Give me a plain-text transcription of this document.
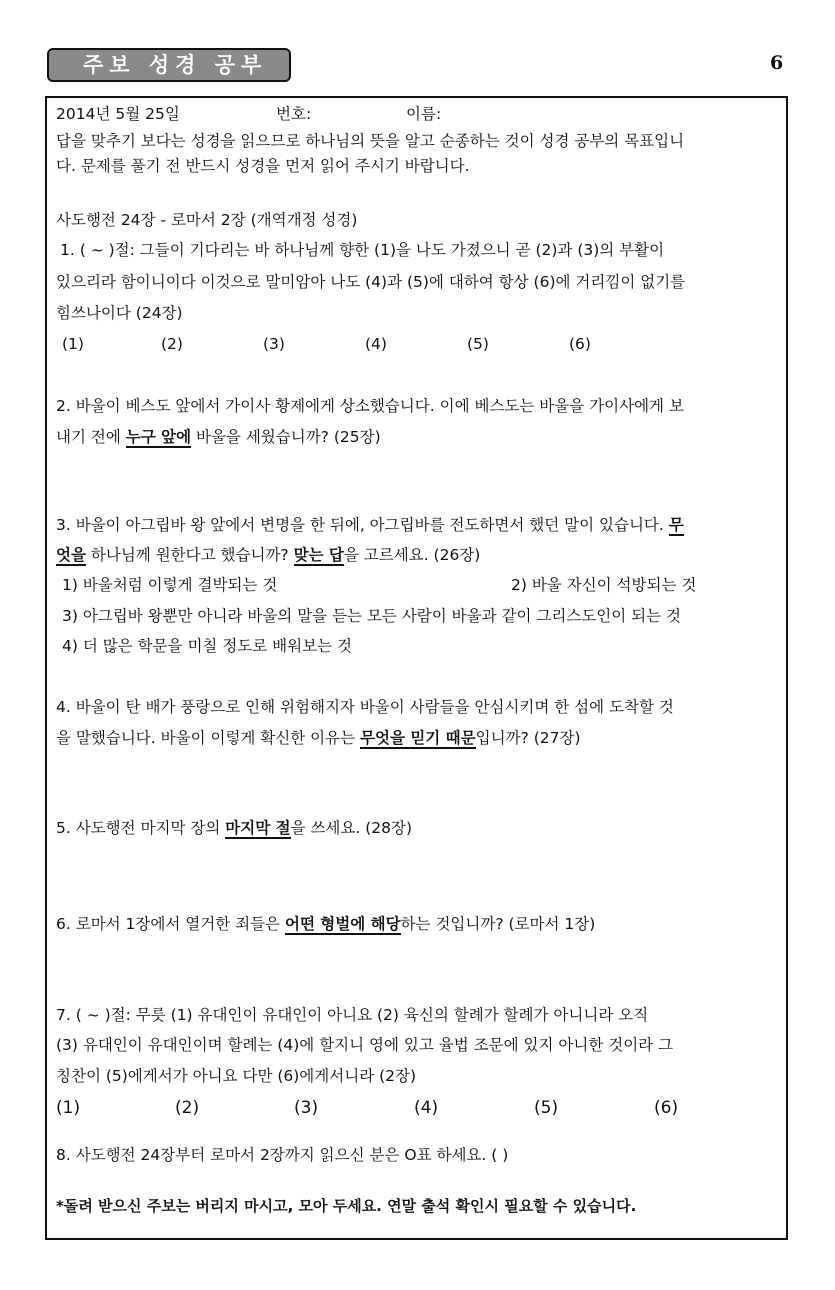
주보 성경 공부	6
2014년 5월 25일	번호:	이름:
답을 맞추기 보다는 성경을 읽으므로 하나님의 뜻을 알고 순종하는 것이 성경 공부의 목표입니
다. 문제를 풀기 전 반드시 성경을 먼저 읽어 주시기 바랍니다.
사도행전 24장 - 로마서 2장 (개역개정 성경)
1. ( ~ )절: 그들이 기다리는 바 하나님께 향한 (1)을 나도 가졌으니 곧 (2)과 (3)의 부활이
있으리라 함이니이다 이것으로 말미암아 나도 (4)과 (5)에 대하여 항상 (6)에 거리낌이 없기를
힘쓰나이다 (24장)
(1)	(2)	(3)	(4)	(5)	(6)
2. 바울이 베스도 앞에서 가이사 황제에게 상소했습니다. 이에 베스도는 바울을 가이사에게 보
내기 전에 누구 앞에 바울을 세웠습니까? (25장)
3. 바울이 아그립바 왕 앞에서 변명을 한 뒤에, 아그립바를 전도하면서 했던 말이 있습니다. 무
엇을 하나님께 원한다고 했습니까? 맞는 답을 고르세요. (26장)
1) 바울처럼 이렇게 결박되는 것	2) 바울 자신이 석방되는 것
3) 아그립바 왕뿐만 아니라 바울의 말을 듣는 모든 사람이 바울과 같이 그리스도인이 되는 것
4) 더 많은 학문을 미칠 정도로 배워보는 것
4. 바울이 탄 배가 풍랑으로 인해 위험해지자 바울이 사람들을 안심시키며 한 섬에 도착할 것
을 말했습니다. 바울이 이렇게 확신한 이유는 무엇을 믿기 때문입니까? (27장)
5. 사도행전 마지막 장의 마지막 절을 쓰세요. (28장)
6. 로마서 1장에서 열거한 죄들은 어떤 형벌에 해당하는 것입니까? (로마서 1장)
7. ( ~ )절: 무릇 (1) 유대인이 유대인이 아니요 (2) 육신의 할례가 할례가 아니니라 오직
(3) 유대인이 유대인이며 할례는 (4)에 할지니 영에 있고 율법 조문에 있지 아니한 것이라 그
칭찬이 (5)에게서가 아니요 다만 (6)에게서니라 (2장)
(1)	(2)	(3)	(4)	(5)	(6)
8. 사도행전 24장부터 로마서 2장까지 읽으신 분은 O표 하세요. ( )
*돌려 받으신 주보는 버리지 마시고, 모아 두세요. 연말 출석 확인시 필요할 수 있습니다.
